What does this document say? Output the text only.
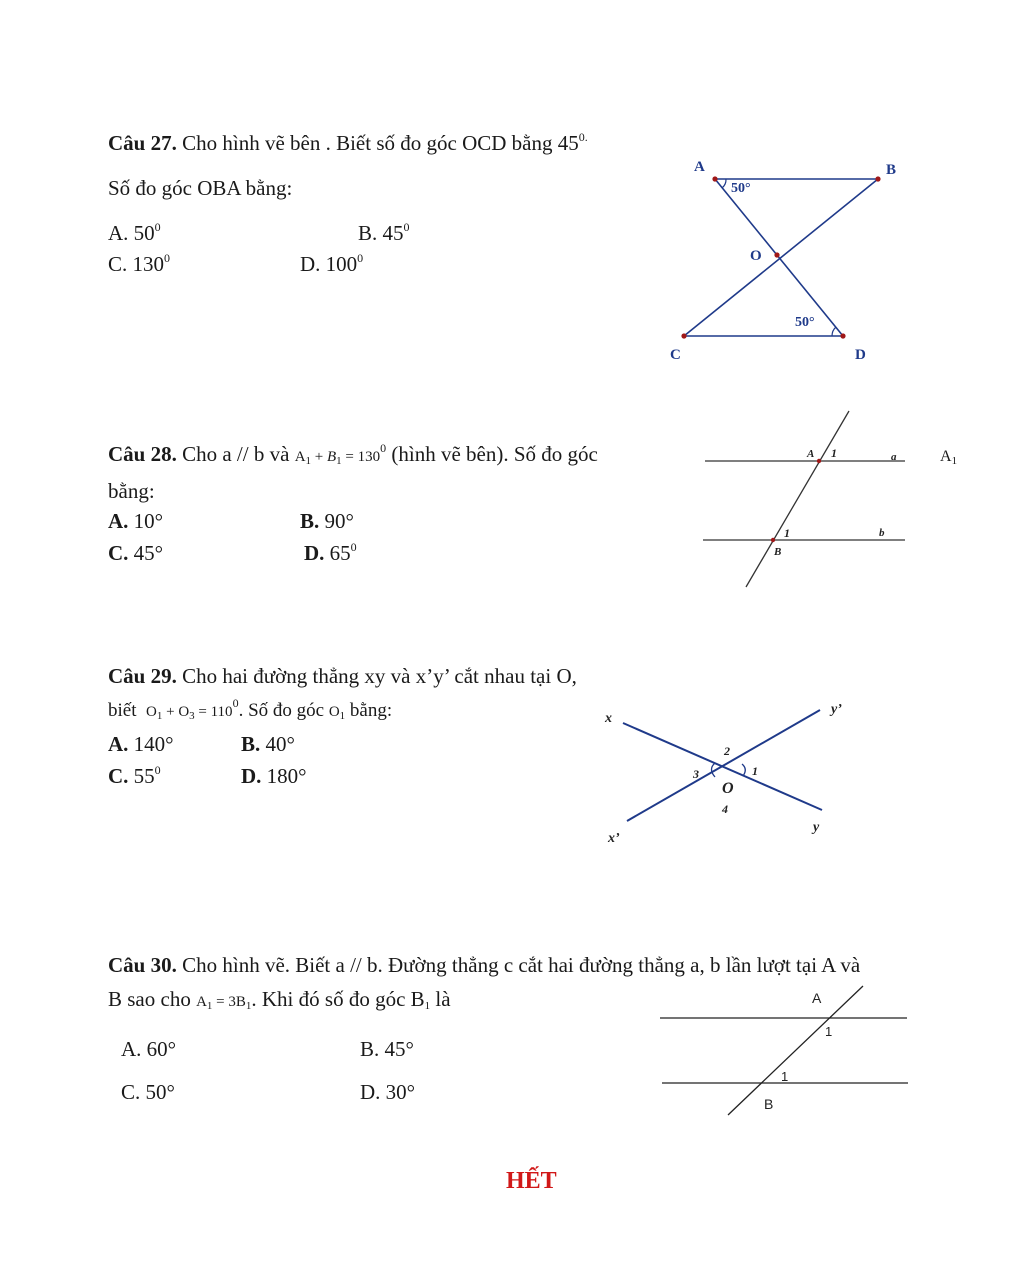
Câu 27. Cho hình vẽ bên . Biết số đo góc OCD bằng $45^{0.}$
Số đo góc OBA bằng:
A. $50^0$	B. $45^0$
C. $130^0$	D. $100^0$
A	B
O
C	D
50°
50°
Câu 28. Cho a // b và $A_1 + B_1 = 130^0$ (hình vẽ bên). Số đo góc	$A_1$
bằng:
A. 10°	B. 90°
C. 45°	D. $65^0$
A 1	a
1	b
B
Câu 29. Cho hai đường thẳng xy và x’y’ cắt nhau tại O,
biết $O_1 + O_3 = 110^0$. Số đo góc $O_1$ bằng:
A. 140°	B. 40°
C. $55^0$	D. 180°
x
y’
2
3	1
O
4
x’
y
Câu 30. Cho hình vẽ. Biết a // b. Đường thẳng c cắt hai đường thẳng a, b lần lượt tại A và
B sao cho $A_1 = 3B_1$. Khi đó số đo góc $B_1$ là
A. 60°	B. 45°
C. 50°	D. 30°
A
1
1
B
HẾT
